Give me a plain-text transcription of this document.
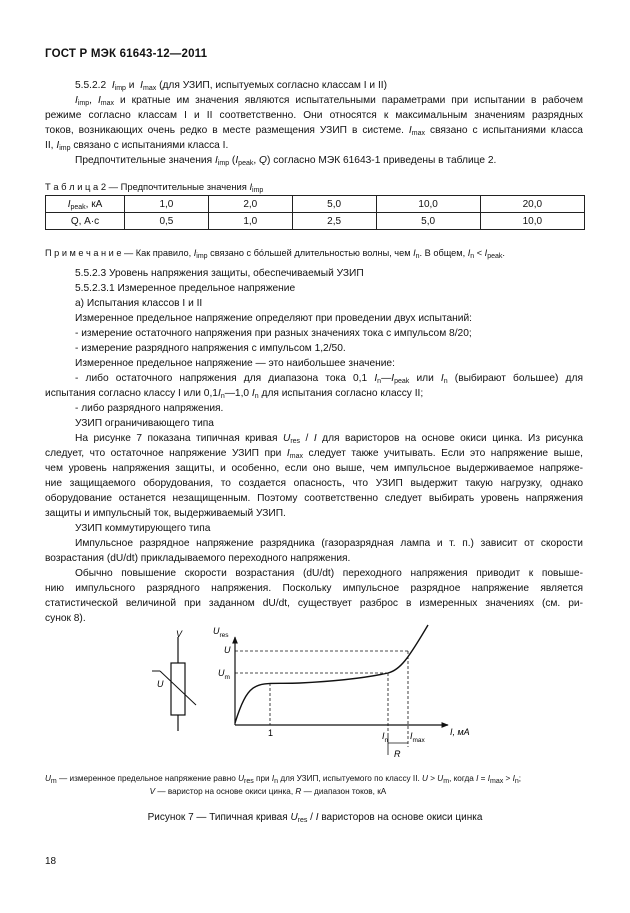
ГОСТ Р МЭК 61643-12—2011

5.5.2.2 $I_{imp}$ и  $I_{max}$ (для УЗИП, испытуемых согласно классам I и II)

$I_{imp}$, $I_{max}$ и кратные им значения являются испытательными параметрами при испытании в рабочем

режиме согласно классам I и II соответственно. Они относятся к максимальным значениям разрядных

токов, возникающих очень редко в месте размещения УЗИП в системе. $I_{max}$ связано с испытаниями класса

II, $I_{imp}$ связано с испытаниями класса I.

Предпочтительные значения $I_{imp}$ ($I_{peak}$, Q) согласно МЭК 61643-1 приведены в таблице 2.

Т а б л и ц а 2 — Предпочтительные значения $I_{imp}$
$I_{peak}$, кА	1,0	2,0	5,0	10,0	20,0
Q, А·с	0,5	1,0	2,5	5,0	10,0
П р и м е ч а н и е — Как правило, $I_{imp}$ связано с бо́льшей длительностью волны, чем $I_n$. В общем, $I_n < I_{peak}$.

5.5.2.3 Уровень напряжения защиты, обеспечиваемый УЗИП

5.5.2.3.1 Измеренное предельное напряжение

а) Испытания классов I и II

Измеренное предельное напряжение определяют при проведении двух испытаний:

- измерение остаточного напряжения при разных значениях тока с импульсом 8/20;

- измерение разрядного напряжения с импульсом 1,2/50.

Измеренное предельное напряжение — это наибольшее значение:

- либо остаточного напряжения для диапазона тока 0,1 $I_n—I_{peak}$ или $I_n$ (выбирают большее) для

испытания согласно классу I или $0,1I_n—1,0$ $I_n$ для испытания согласно классу II;

- либо разрядного напряжения.

УЗИП ограничивающего типа

На рисунке 7 показана типичная кривая $U_{res}$ / I для варисторов на основе окиси цинка. Из рисунка

следует, что остаточное напряжение УЗИП при $I_{max}$ следует также учитывать. Если это напряжение выше,

чем уровень напряжения защиты, и особенно, если оно выше, чем импульсное выдерживаемое напряже-

ние защищаемого оборудования, то создается опасность, что УЗИП выдержит такую нагрузку, однако

оборудование останется незащищенным. Поэтому соответственно следует выбирать уровень напряжения

защиты и импульсный ток, выдерживаемый УЗИП.

УЗИП коммутирующего типа

Импульсное разрядное напряжение разрядника (газоразрядная лампа и т. п.) зависит от скорости

возрастания (dU/dt) прикладываемого переходного напряжения.

Обычно повышение скорости возрастания (dU/dt) переходного напряжения приводит к повыше-

нию импульсного разрядного напряжения. Поскольку импульсное разрядное напряжение является

статистической величиной при заданном dU/dt, существует разброс в измеренных значениях (см. ри-

сунок 8).

V
U
$U_{res}$
I, мА
U
$U_m$
1	$I_n$ $I_{max}$
R
$U_m$ — измеренное предельное напряжение равно $U_{res}$ при $I_n$ для УЗИП, испытуемого по классу II. $U > U_m$, когда $I = I_{max} > I_n$;
V — варистор на основе окиси цинка, R — диапазон токов, кА
Рисунок 7 — Типичная кривая $U_{res}$ / I варисторов на основе окиси цинка
18
